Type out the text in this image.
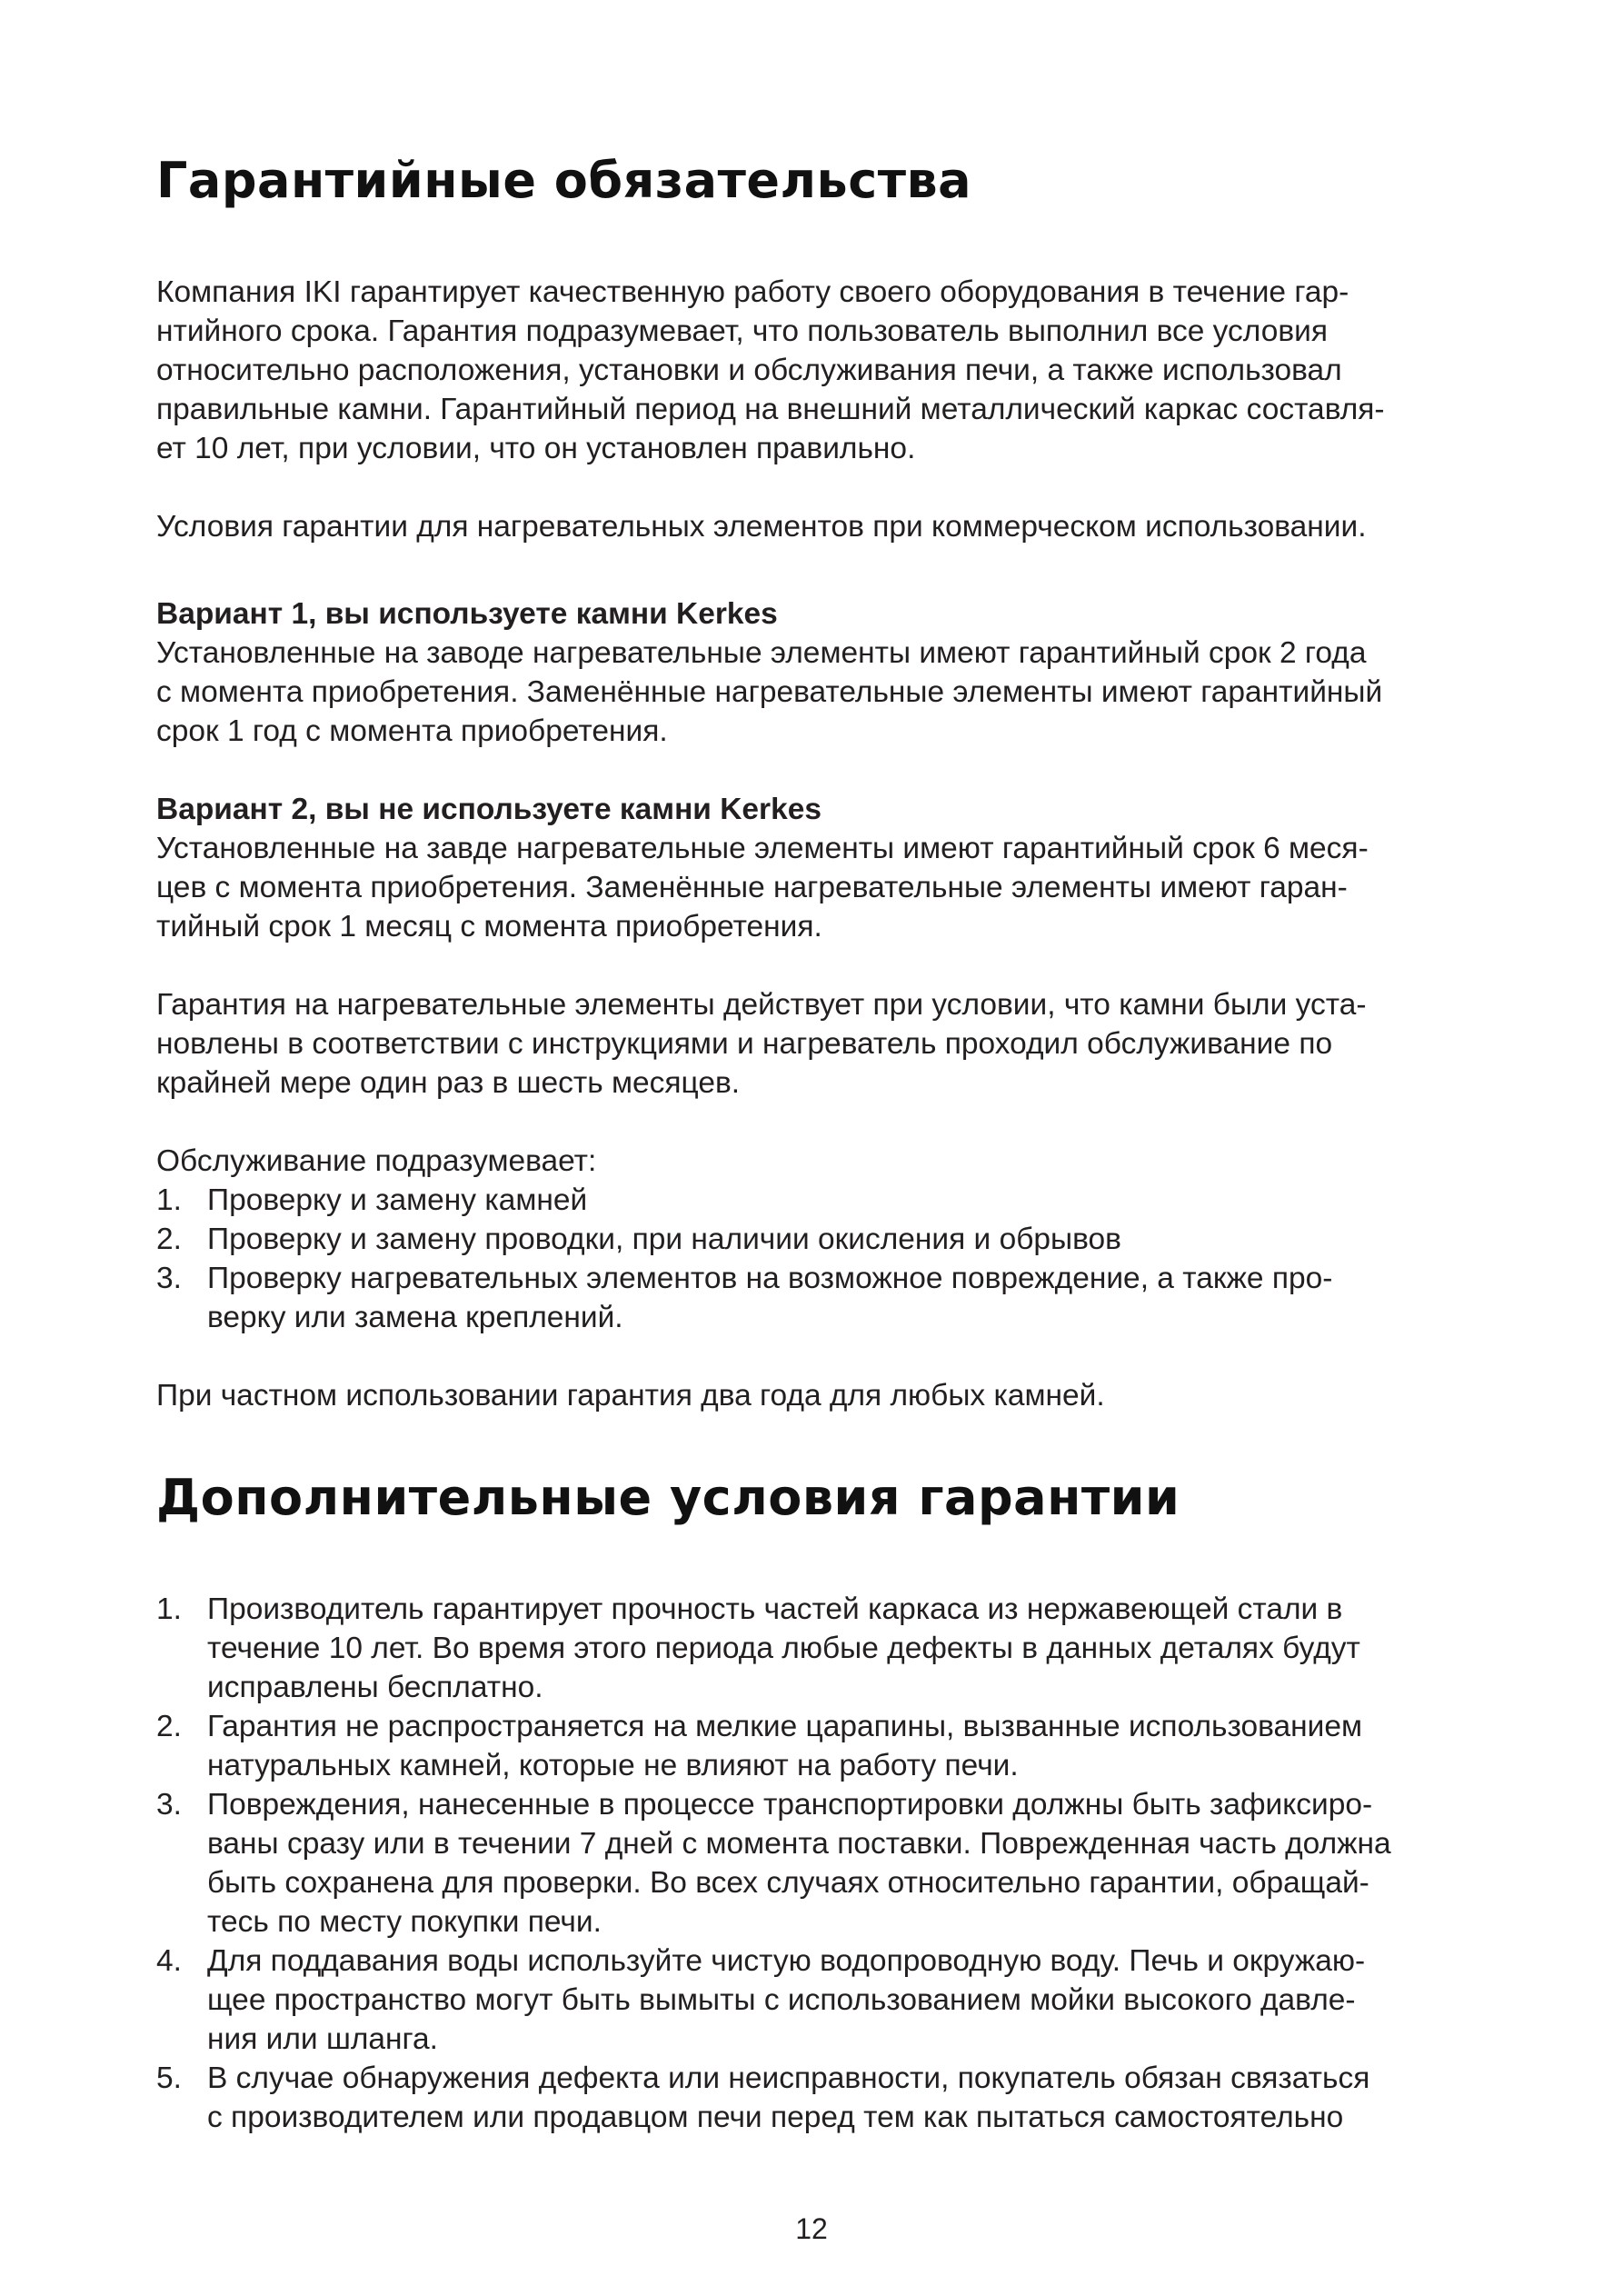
Гарантийные обязательства

Компания IKI гарантирует качественную работу своего оборудования в течение гар-

нтийного срока. Гарантия подразумевает, что пользователь выполнил все условия

относительно расположения, установки и обслуживания печи, а также использовал

правильные камни. Гарантийный период на внешний металлический каркас составля-

ет 10 лет, при условии, что он установлен правильно.

Условия гарантии для нагревательных элементов при коммерческом использовании.

Вариант 1, вы используете камни Kerkes

Установленные на заводе нагревательные элементы имеют гарантийный срок 2 года

с момента приобретения. Заменённые нагревательные элементы имеют гарантийный

срок 1 год с момента приобретения.

Вариант 2, вы не используете камни Kerkes

Установленные на завде нагревательные элементы имеют гарантийный срок 6 меся-

цев с момента приобретения. Заменённые нагревательные элементы имеют гаран-

тийный срок 1 месяц с момента приобретения.

Гарантия на нагревательные элементы действует при условии, что камни были уста-

новлены в соответствии с инструкциями и нагреватель проходил обслуживание по

крайней мере один раз в шесть месяцев.

Обслуживание подразумевает:

1. Проверку и замену камней

2. Проверку и замену проводки, при наличии окисления и обрывов

3. Проверку нагревательных элементов на возможное повреждение, а также про-

верку или замена креплений.

При частном использовании гарантия два года для любых камней.

Дополнительные условия гарантии
1. Производитель гарантирует прочность частей каркаса из нержавеющей стали в

течение 10 лет. Во время этого периода любые дефекты в данных деталях будут

исправлены бесплатно.

2. Гарантия не распространяется на мелкие царапины, вызванные использованием

натуральных камней, которые не влияют на работу печи.

3. Повреждения, нанесенные в процессе транспортировки должны быть зафиксиро-

ваны сразу или в течении 7 дней с момента поставки. Поврежденная часть должна

быть сохранена для проверки. Во всех случаях относительно гарантии, обращай-

тесь по месту покупки печи.

4. Для поддавания воды используйте чистую водопроводную воду. Печь и окружаю-

щее пространство могут быть вымыты с использованием мойки высокого давле-

ния или шланга.

5. В случае обнаружения дефекта или неисправности, покупатель обязан связаться

с производителем или продавцом печи перед тем как пытаться самостоятельно

12
